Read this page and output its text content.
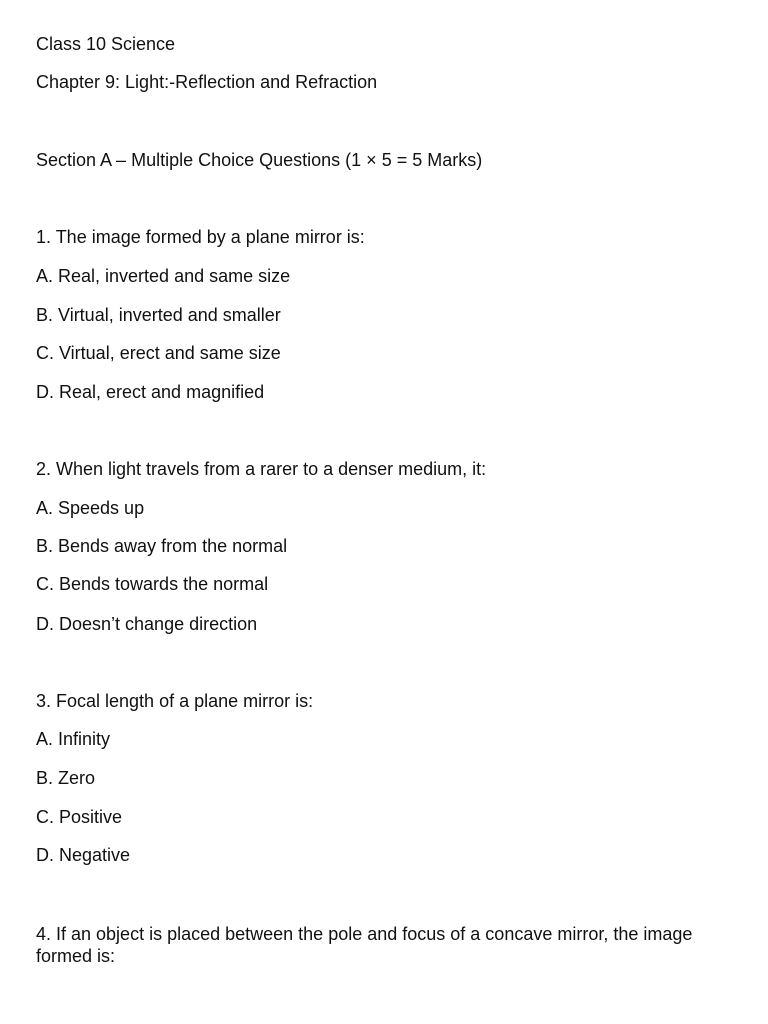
Class 10 Science
Chapter 9: Light:-Reflection and Refraction
Section A – Multiple Choice Questions (1 × 5 = 5 Marks)
1. The image formed by a plane mirror is:
A. Real, inverted and same size
B. Virtual, inverted and smaller
C. Virtual, erect and same size
D. Real, erect and magnified
2. When light travels from a rarer to a denser medium, it:
A. Speeds up
B. Bends away from the normal
C. Bends towards the normal
D. Doesn’t change direction
3. Focal length of a plane mirror is:
A. Infinity
B. Zero
C. Positive
D. Negative
4. If an object is placed between the pole and focus of a concave mirror, the image formed is:
